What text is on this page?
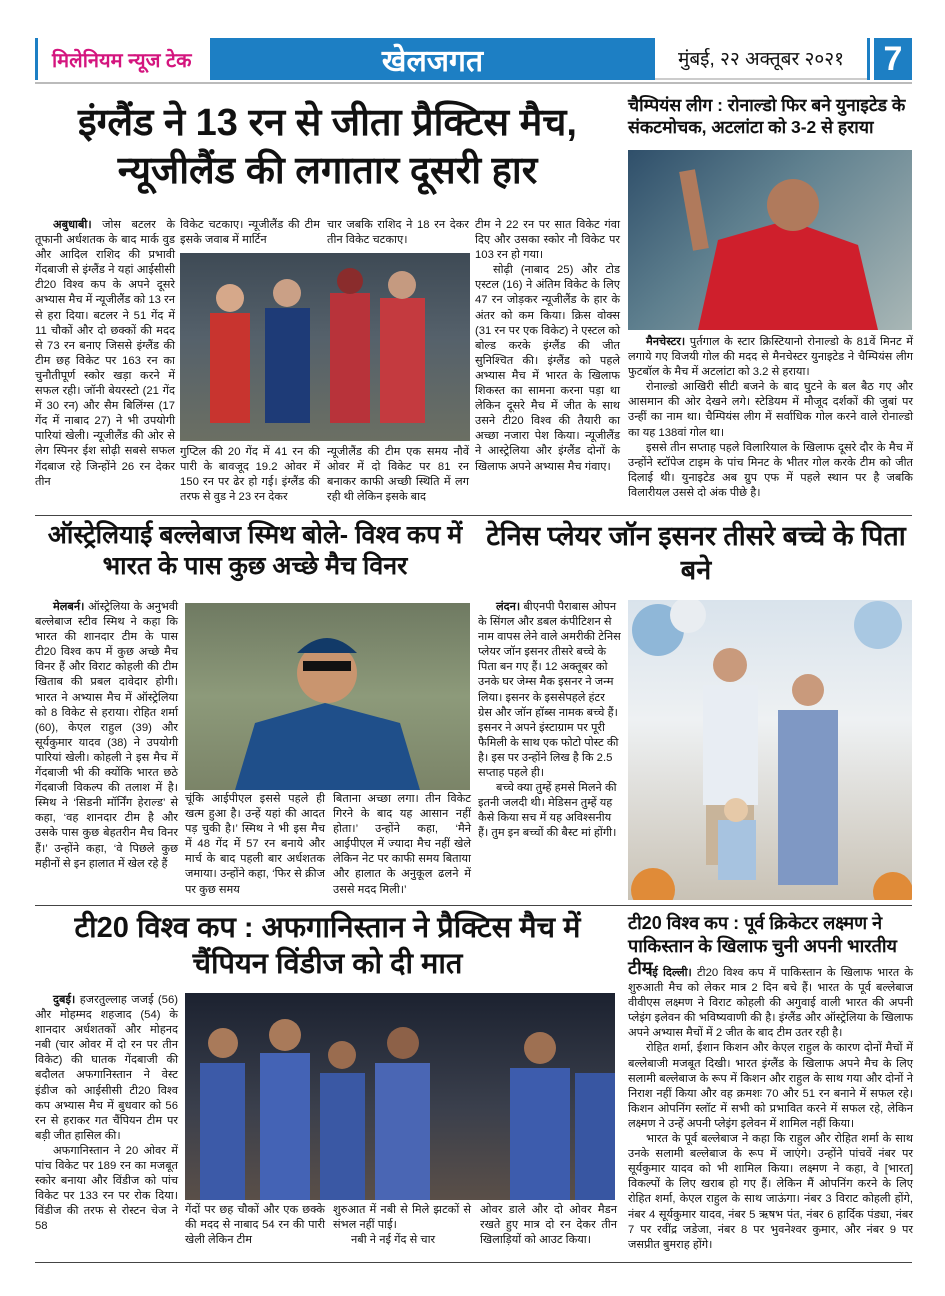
मिलेनियम न्यूज टेक	खेलजगत	मुंबई, २२ अक्तूबर २०२१	7
इंग्लैंड ने 13 रन से जीता प्रैक्टिस मैच,
न्यूजीलैंड की लगातार दूसरी हार

अबुधाबी। जोस बटलर के तूफानी अर्धशतक के बाद मार्क वुड और आदिल राशिद की प्रभावी गेंदबाजी से इंग्लैंड ने यहां आईसीसी टी20 विश्व कप के अपने दूसरे अभ्यास मैच में न्यूजीलैंड को 13 रन से हरा दिया। बटलर ने 51 गेंद में 11 चौकों और दो छक्कों की मदद से 73 रन बनाए जिससे इंग्लैंड की टीम छह विकेट पर 163 रन का चुनौतीपूर्ण स्कोर खड़ा करने में सफल रही। जॉनी बेयरस्टो (21 गेंद में 30 रन) और सैम बिलिंग्स (17 गेंद में नाबाद 27) ने भी उपयोगी पारियां खेली। न्यूजीलैंड की ओर से लेग स्पिनर ईश सोढ़ी सबसे सफल गेंदबाज रहे जिन्होंने 26 रन देकर तीन

विकेट चटकाए। न्यूजीलैंड की टीम इसके जवाब में मार्टिन
चार जबकि राशिद ने 18 रन देकर तीन विकेट चटकाए।
गुप्टिल की 20 गेंद में 41 रन की पारी के बावजूद 19.2 ओवर में 150 रन पर ढेर हो गई। इंग्लैंड की तरफ से वुड ने 23 रन देकर
न्यूजीलैंड की टीम एक समय नौवें ओवर में दो विकेट पर 81 रन बनाकर काफी अच्छी स्थिति में लग रही थी लेकिन इसके बाद

टीम ने 22 रन पर सात विकेट गंवा दिए और उसका स्कोर नौ विकेट पर 103 रन हो गया।

सोढ़ी (नाबाद 25) और टोड एस्टल (16) ने अंतिम विकेट के लिए 47 रन जोड़कर न्यूजीलैंड के हार के अंतर को कम किया। क्रिस वोक्स (31 रन पर एक विकेट) ने एस्टल को बोल्ड करके इंग्लैंड की जीत सुनिश्चित की। इंग्लैंड को पहले अभ्यास मैच में भारत के खिलाफ शिकस्त का सामना करना पड़ा था लेकिन दूसरे मैच में जीत के साथ उसने टी20 विश्व की तैयारी का अच्छा नजारा पेश किया। न्यूजीलैंड ने आस्ट्रेलिया और इंग्लैंड दोनों के खिलाफ अपने अभ्यास मैच गंवाए।

चैम्पियंस लीग : रोनाल्डो फिर बने युनाइटेड के संकटमोचक, अटलांटा को 3-2 से हराया

मैनचेस्टर। पुर्तगाल के स्टार क्रिस्टियानो रोनाल्डो के 81वें मिनट में लगाये गए विजयी गोल की मदद से मैनचेस्टर युनाइटेड ने चैम्पियंस लीग फुटबॉल के मैच में अटलांटा को 3.2 से हराया।

रोनाल्डो आखिरी सीटी बजने के बाद घुटने के बल बैठ गए और आसमान की ओर देखने लगे। स्टेडियम में मौजूद दर्शकों की जुबां पर उन्हीं का नाम था। चैम्पियंस लीग में सर्वाधिक गोल करने वाले रोनाल्डो का यह 138वां गोल था।

इससे तीन सप्ताह पहले विलारियाल के खिलाफ दूसरे दौर के मैच में उन्होंने स्टॉपेज टाइम के पांच मिनट के भीतर गोल करके टीम को जीत दिलाई थी। युनाइटेड अब ग्रुप एफ में पहले स्थान पर है जबकि विलारीयल उससे दो अंक पीछे है।

ऑस्ट्रेलियाई बल्लेबाज स्मिथ बोले- विश्व कप में भारत के पास कुछ अच्छे मैच विनर

मेलबर्न। ऑस्ट्रेलिया के अनुभवी बल्लेबाज स्टीव स्मिथ ने कहा कि भारत की शानदार टीम के पास टी20 विश्व कप में कुछ अच्छे मैच विनर हैं और विराट कोहली की टीम खिताब की प्रबल दावेदार होगी। भारत ने अभ्यास मैच में ऑस्ट्रेलिया को 8 विकेट से हराया। रोहित शर्मा (60), केएल राहुल (39) और सूर्यकुमार यादव (38) ने उपयोगी पारियां खेली। कोहली ने इस मैच में गेंदबाजी भी की क्योंकि भारत छठे गेंदबाजी विकल्प की तलाश में है। स्मिथ ने ‘सिडनी मॉर्निंग हेराल्ड’ से कहा, ‘वह शानदार टीम है और उसके पास कुछ बेहतरीन मैच विनर हैं।’ उन्होंने कहा, ‘वे पिछले कुछ महीनों से इन हालात में खेल रहे हैं

चूंकि आईपीएल इससे पहले ही खत्म हुआ है। उन्हें यहां की आदत पड़ चुकी है।’ स्मिथ ने भी इस मैच में 48 गेंद में 57 रन बनाये और मार्च के बाद पहली बार अर्धशतक जमाया। उन्होंने कहा, ‘फिर से क्रीज पर कुछ समय
बिताना अच्छा लगा। तीन विकेट गिरने के बाद यह आसान नहीं होता।’ उन्होंने कहा, ‘मैने आईपीएल में ज्यादा मैच नहीं खेले लेकिन नेट पर काफी समय बिताया और हालात के अनुकूल ढलने में उससे मदद मिली।’
टेनिस प्लेयर जॉन इसनर तीसरे बच्चे के पिता बने

लंदन। बीएनपी पैराबास ओपन के सिंगल और डबल कंपीटिशन से नाम वापस लेने वाले अमरीकी टेनिस प्लेयर जॉन इसनर तीसरे बच्चे के पिता बन गए हैं। 12 अक्तूबर को उनके घर जेम्स मैक इसनर ने जन्म लिया। इसनर के इससेपहले हंटर ग्रेस और जॉन हॉब्स नामक बच्चे हैं। इसनर ने अपने इंस्टाग्राम पर पूरी फैमिली के साथ एक फोटो पोस्ट की है। इस पर उन्होंने लिख है कि 2.5 सप्ताह पहले ही।

बच्चे क्या तुम्हें हमसे मिलने की इतनी जलदी थी। मेडिसन तुम्हें यह कैसे किया सच में यह अविश्सनीय हैं। तुम इन बच्चों की बैस्ट मां होंगी।

टी20 विश्व कप : अफगानिस्तान ने प्रैक्टिस मैच में चैंपियन विंडीज को दी मात

दुबई। हजरतुल्लाह जजई (56) और मोहम्मद शहजाद (54) के शानदार अर्धशतकों और मोहनद नबी (चार ओवर में दो रन पर तीन विकेट) की घातक गेंदबाजी की बदौलत अफगानिस्तान ने वेस्ट इंडीज को आईसीसी टी20 विश्व कप अभ्यास मैच में बुधवार को 56 रन से हराकर गत चैंपियन टीम पर बड़ी जीत हासिल की।

अफगानिस्तान ने 20 ओवर में पांच विकेट पर 189 रन का मजबूत स्कोर बनाया और विंडीज को पांच विकेट पर 133 रन पर रोक दिया। विंडीज की तरफ से रोस्टन चेज ने 58

गेंदों पर छह चौकों और एक छक्के की मदद से नाबाद 54 रन की पारी खेली लेकिन टीम

शुरुआत में नबी से मिले झटकों से संभल नहीं पाई।

नबी ने नई गेंद से चार

ओवर डाले और दो ओवर मैडन रखते हुए मात्र दो रन देकर तीन खिलाड़ियों को आउट किया।
टी20 विश्व कप : पूर्व क्रिकेटर लक्ष्मण ने पाकिस्तान के खिलाफ चुनी अपनी भारतीय टीम

नई दिल्ली। टी20 विश्व कप में पाकिस्तान के खिलाफ भारत के शुरुआती मैच को लेकर मात्र 2 दिन बचे हैं। भारत के पूर्व बल्लेबाज वीवीएस लक्ष्मण ने विराट कोहली की अगुवाई वाली भारत की अपनी प्लेइंग इलेवन की भविष्यवाणी की है। इंग्लैंड और ऑस्ट्रेलिया के खिलाफ अपने अभ्यास मैचों में 2 जीत के बाद टीम उतर रही है।

रोहित शर्मा, ईशान किशन और केएल राहुल के कारण दोनों मैचों में बल्लेबाजी मजबूत दिखी। भारत इंग्लैंड के खिलाफ अपने मैच के लिए सलामी बल्लेबाज के रूप में किशन और राहुल के साथ गया और दोनों ने निराश नहीं किया और वह क्रमशः 70 और 51 रन बनाने में सफल रहे। किशन ओपनिंग स्लॉट में सभी को प्रभावित करने में सफल रहे, लेकिन लक्ष्मण ने उन्हें अपनी प्लेइंग इलेवन में शामिल नहीं किया।

भारत के पूर्व बल्लेबाज ने कहा कि राहुल और रोहित शर्मा के साथ उनके सलामी बल्लेबाज के रूप में जाएंगे। उन्होंने पांचवें नंबर पर सूर्यकुमार यादव को भी शामिल किया। लक्ष्मण ने कहा, वे [भारत] विकल्पों के लिए खराब हो गए हैं। लेकिन मैं ओपनिंग करने के लिए रोहित शर्मा, केएल राहुल के साथ जाऊंगा। नंबर 3 विराट कोहली होंगे, नंबर 4 सूर्यकुमार यादव, नंबर 5 ऋषभ पंत, नंबर 6 हार्दिक पंड्या, नंबर 7 पर रवींद्र जडेजा, नंबर 8 पर भुवनेश्वर कुमार, और नंबर 9 पर जसप्रीत बुमराह होंगे।
